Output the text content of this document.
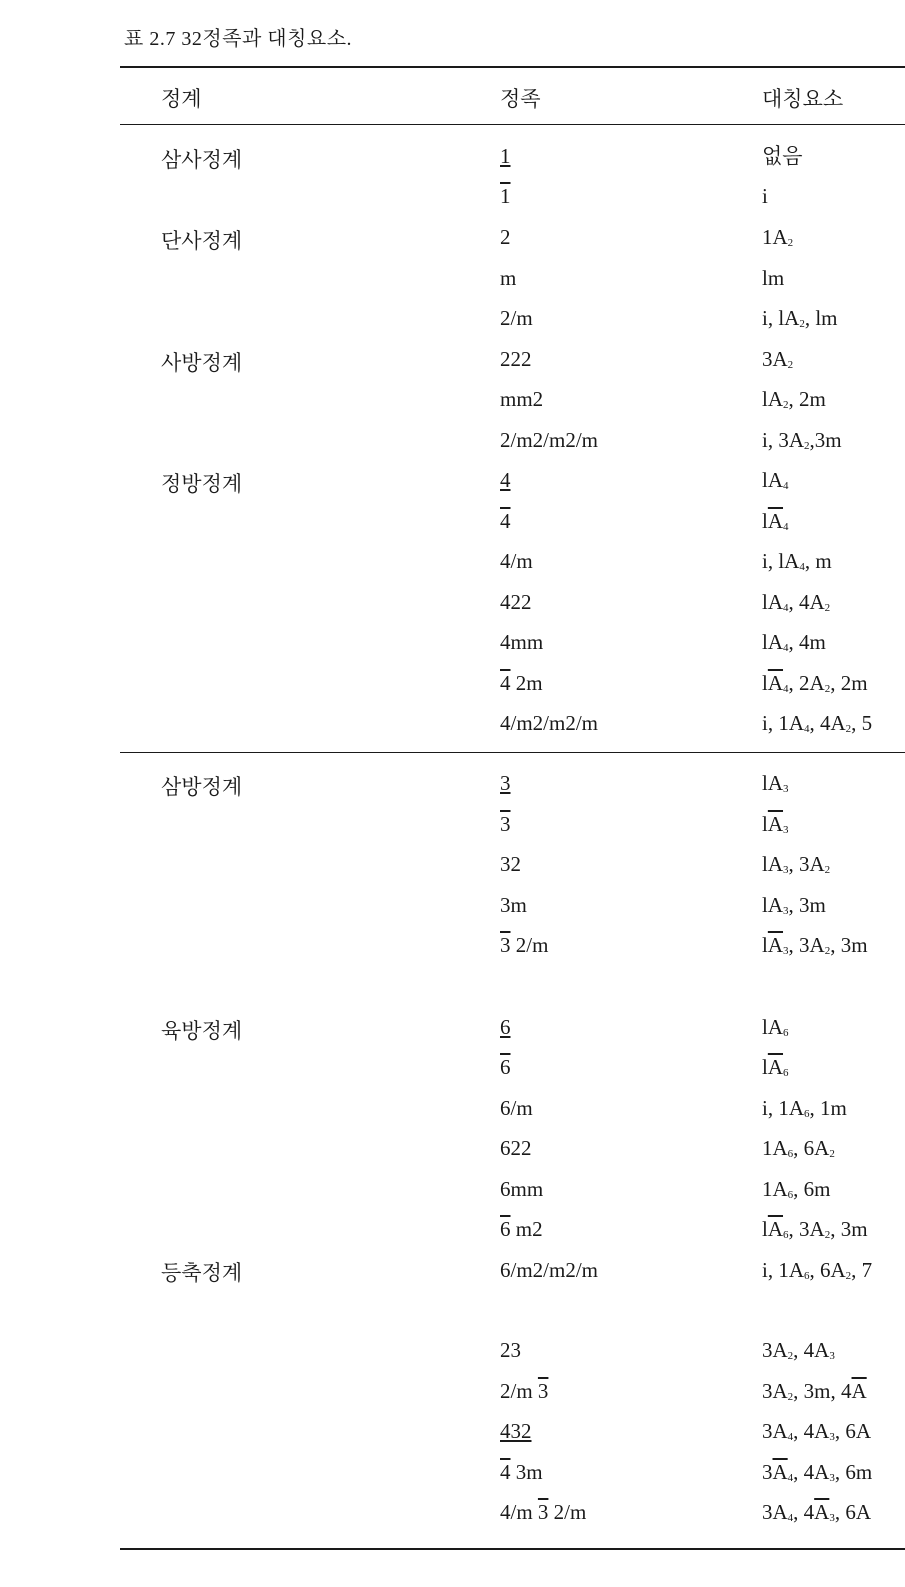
표 2.7 32정족과 대칭요소.
정계	정족	대칭요소
삼사정계
단사정계
사방정계
정방정계
삼방정계
육방정계
등축정계
1
1
2
m
2/m
222
mm2
2/m2/m2/m
4
4
4/m
422
4mm
4 2m
4/m2/m2/m
3
3
32
3m
3 2/m
6
6
6/m
622
6mm
6 m2
6/m2/m2/m
23
2/m 3
432
4 3m
4/m 3 2/m
없음
i
$1A_2$
lm
i, $lA_2$, lm
$3A_2$
$lA_2$, 2m
i, $3A_2,3m$
$lA_4$
$l\overline{A}_4$
i, $lA_4$, m
$lA_4$, $4A_2$
$lA_4$, 4m
$l\overline{A}_4$, $2A_2$, 2m
i, $1A_4$, $4A_2$, 5
$lA_3$
$l\overline{A}_3$
$lA_3$, $3A_2$
$lA_3$, 3m
$l\overline{A}_3$, $3A_2$, 3m
$lA_6$
$l\overline{A}_6$
i, $1A_6$, 1m
$1A_6$, $6A_2$
$1A_6$, 6m
$l\overline{A}_6$, $3A_2$, 3m
i, $1A_6$, $6A_2$, 7
$3A_2$, $4A_3$
$3A_2$, 3m, $4\overline{A}$
$3A_4$, $4A_3$, 6A
$3\overline{A}_4$, $4A_3$, 6m
$3A_4$, $4\overline{A}_3$, 6A
